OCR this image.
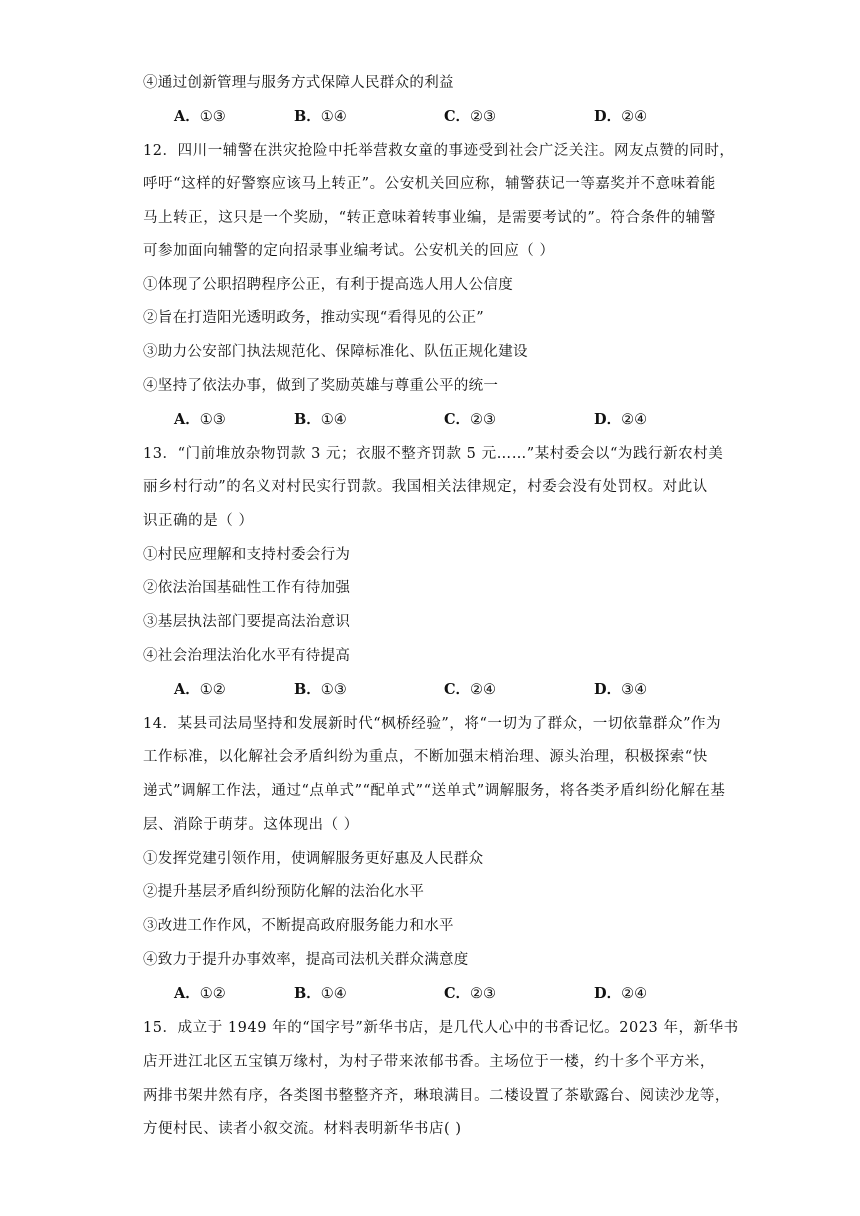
④通过创新管理与服务方式保障人民群众的利益
A．①③	B．①④	C．②③	D．②④
12．四川一辅警在洪灾抢险中托举营救女童的事迹受到社会广泛关注。网友点赞的同时，
呼吁“这样的好警察应该马上转正”。公安机关回应称，辅警获记一等嘉奖并不意味着能
马上转正，这只是一个奖励，“转正意味着转事业编，是需要考试的”。符合条件的辅警
可参加面向辅警的定向招录事业编考试。公安机关的回应（ ）
①体现了公职招聘程序公正，有利于提高选人用人公信度
②旨在打造阳光透明政务，推动实现“看得见的公正”
③助力公安部门执法规范化、保障标准化、队伍正规化建设
④坚持了依法办事，做到了奖励英雄与尊重公平的统一
A．①③	B．①④	C．②③	D．②④
13．“门前堆放杂物罚款 3 元；衣服不整齐罚款 5 元……”某村委会以“为践行新农村美
丽乡村行动”的名义对村民实行罚款。我国相关法律规定，村委会没有处罚权。对此认
识正确的是（ ）
①村民应理解和支持村委会行为
②依法治国基础性工作有待加强
③基层执法部门要提高法治意识
④社会治理法治化水平有待提高
A．①②	B．①③	C．②④	D．③④
14．某县司法局坚持和发展新时代“枫桥经验”，将“一切为了群众，一切依靠群众”作为
工作标准，以化解社会矛盾纠纷为重点，不断加强末梢治理、源头治理，积极探索“快
递式”调解工作法，通过“点单式”“配单式”“送单式”调解服务，将各类矛盾纠纷化解在基
层、消除于萌芽。这体现出（ ）
①发挥党建引领作用，使调解服务更好惠及人民群众
②提升基层矛盾纠纷预防化解的法治化水平
③改进工作作风，不断提高政府服务能力和水平
④致力于提升办事效率，提高司法机关群众满意度
A．①②	B．①④	C．②③	D．②④
15．成立于 1949 年的“国字号”新华书店，是几代人心中的书香记忆。2023 年，新华书
店开进江北区五宝镇万缘村，为村子带来浓郁书香。主场位于一楼，约十多个平方米，
两排书架井然有序，各类图书整整齐齐，琳琅满目。二楼设置了茶歇露台、阅读沙龙等，
方便村民、读者小叙交流。材料表明新华书店( )
